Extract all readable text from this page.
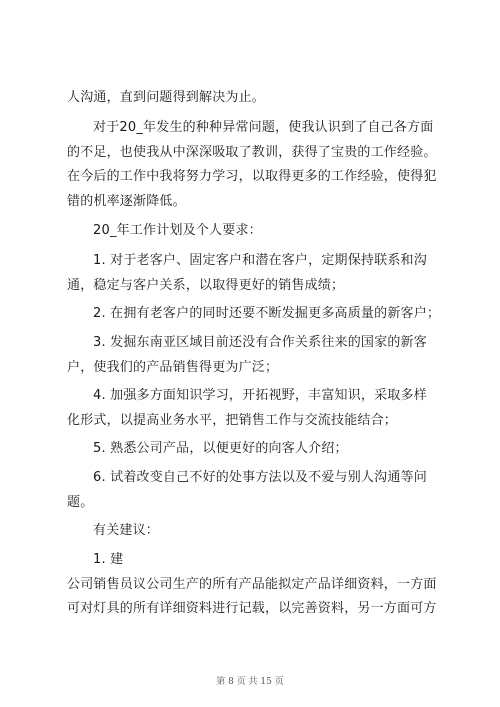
人沟通，直到问题得到解决为止。
对于20_年发生的种种异常问题，使我认识到了自己各方面
的不足，也使我从中深深吸取了教训，获得了宝贵的工作经验。
在今后的工作中我将努力学习，以取得更多的工作经验，使得犯
错的机率逐渐降低。
20_年工作计划及个人要求：
1. 对于老客户、固定客户和潜在客户，定期保持联系和沟
通，稳定与客户关系，以取得更好的销售成绩；
2. 在拥有老客户的同时还要不断发掘更多高质量的新客户；
3. 发掘东南亚区域目前还没有合作关系往来的国家的新客
户，使我们的产品销售得更为广泛；
4. 加强多方面知识学习，开拓视野，丰富知识，采取多样
化形式，以提高业务水平，把销售工作与交流技能结合；
5. 熟悉公司产品，以便更好的向客人介绍；
6. 试着改变自己不好的处事方法以及不爱与别人沟通等问
题。
有关建议：
1. 建
公司销售员议公司生产的所有产品能拟定产品详细资料，一方面
可对灯具的所有详细资料进行记载，以完善资料，另一方面可方
第 8 页 共 15 页
